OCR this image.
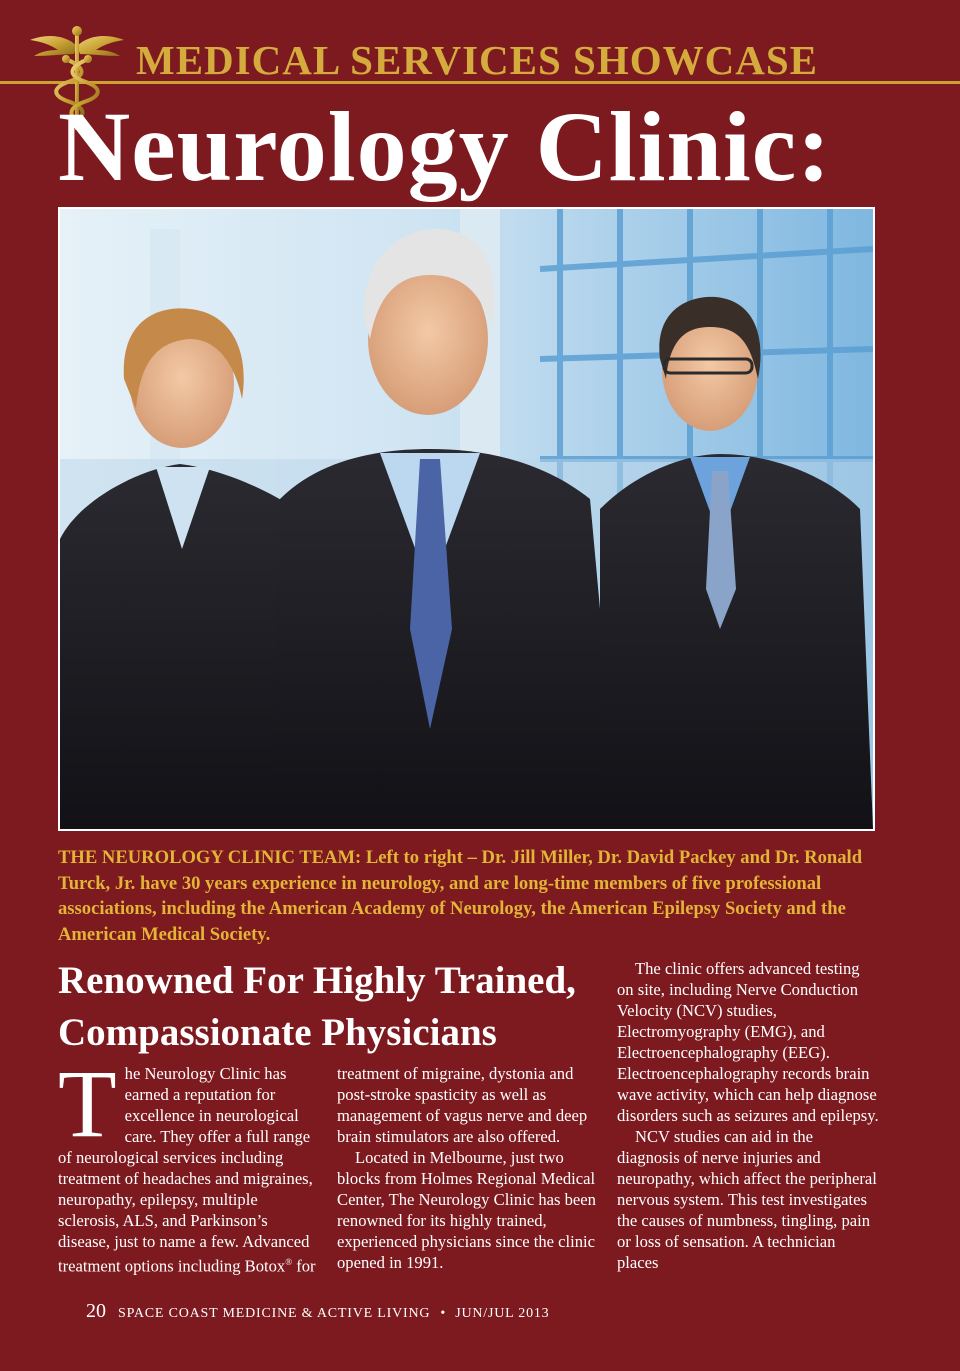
MEDICAL SERVICES SHOWCASE
Neurology Clinic:
THE NEUROLOGY CLINIC TEAM: Left to right – Dr. Jill Miller, Dr. David Packey and Dr. Ronald Turck, Jr. have 30 years experience in neurology, and are long-time members of five professional associations, including the American Academy of Neurology, the American Epilepsy Society and the American Medical Society.
Renowned For Highly Trained,
Compassionate Physicians

The Neurology Clinic has earned a reputation for excellence in neurological care. They offer a full range of neurological services including treatment of headaches and migraines, neuropathy, epilepsy, multiple sclerosis, ALS, and Parkinson’s disease, just to name a few. Advanced treatment options including Botox® for

treatment of migraine, dystonia and post-stroke spasticity as well as management of vagus nerve and deep brain stimulators are also offered.

Located in Melbourne, just two blocks from Holmes Regional Medical Center, The Neurology Clinic has been renowned for its highly trained, experienced physicians since the clinic opened in 1991.

The clinic offers advanced testing on site, including Nerve Conduction Velocity (NCV) studies, Electromyography (EMG), and Electroencephalography (EEG). Electroencephalography records brain wave activity, which can help diagnose disorders such as seizures and epilepsy.

NCV studies can aid in the diagnosis of nerve injuries and neuropathy, which affect the peripheral nervous system. This test investigates the causes of numbness, tingling, pain or loss of sensation. A technician places

20 SPACE COAST MEDICINE & ACTIVE LIVING • JUN/JUL 2013
